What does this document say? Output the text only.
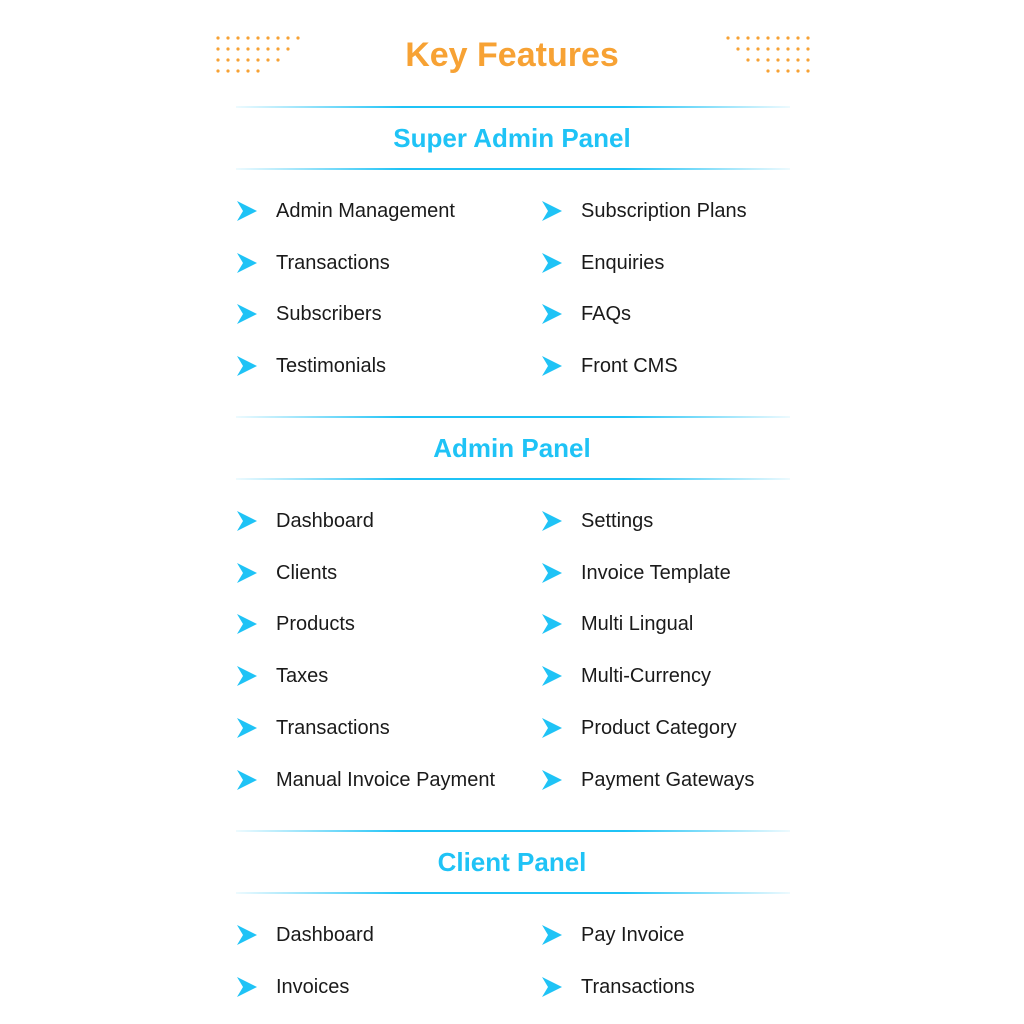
Key Features
Super Admin Panel
Admin Panel
Client Panel
Admin Management
Transactions
Subscribers
Testimonials
Subscription Plans
Enquiries
FAQs
Front CMS
Dashboard
Clients
Products
Taxes
Transactions
Manual Invoice Payment
Settings
Invoice Template
Multi Lingual
Multi-Currency
Product Category
Payment Gateways
Dashboard
Invoices
Pay Invoice
Transactions
